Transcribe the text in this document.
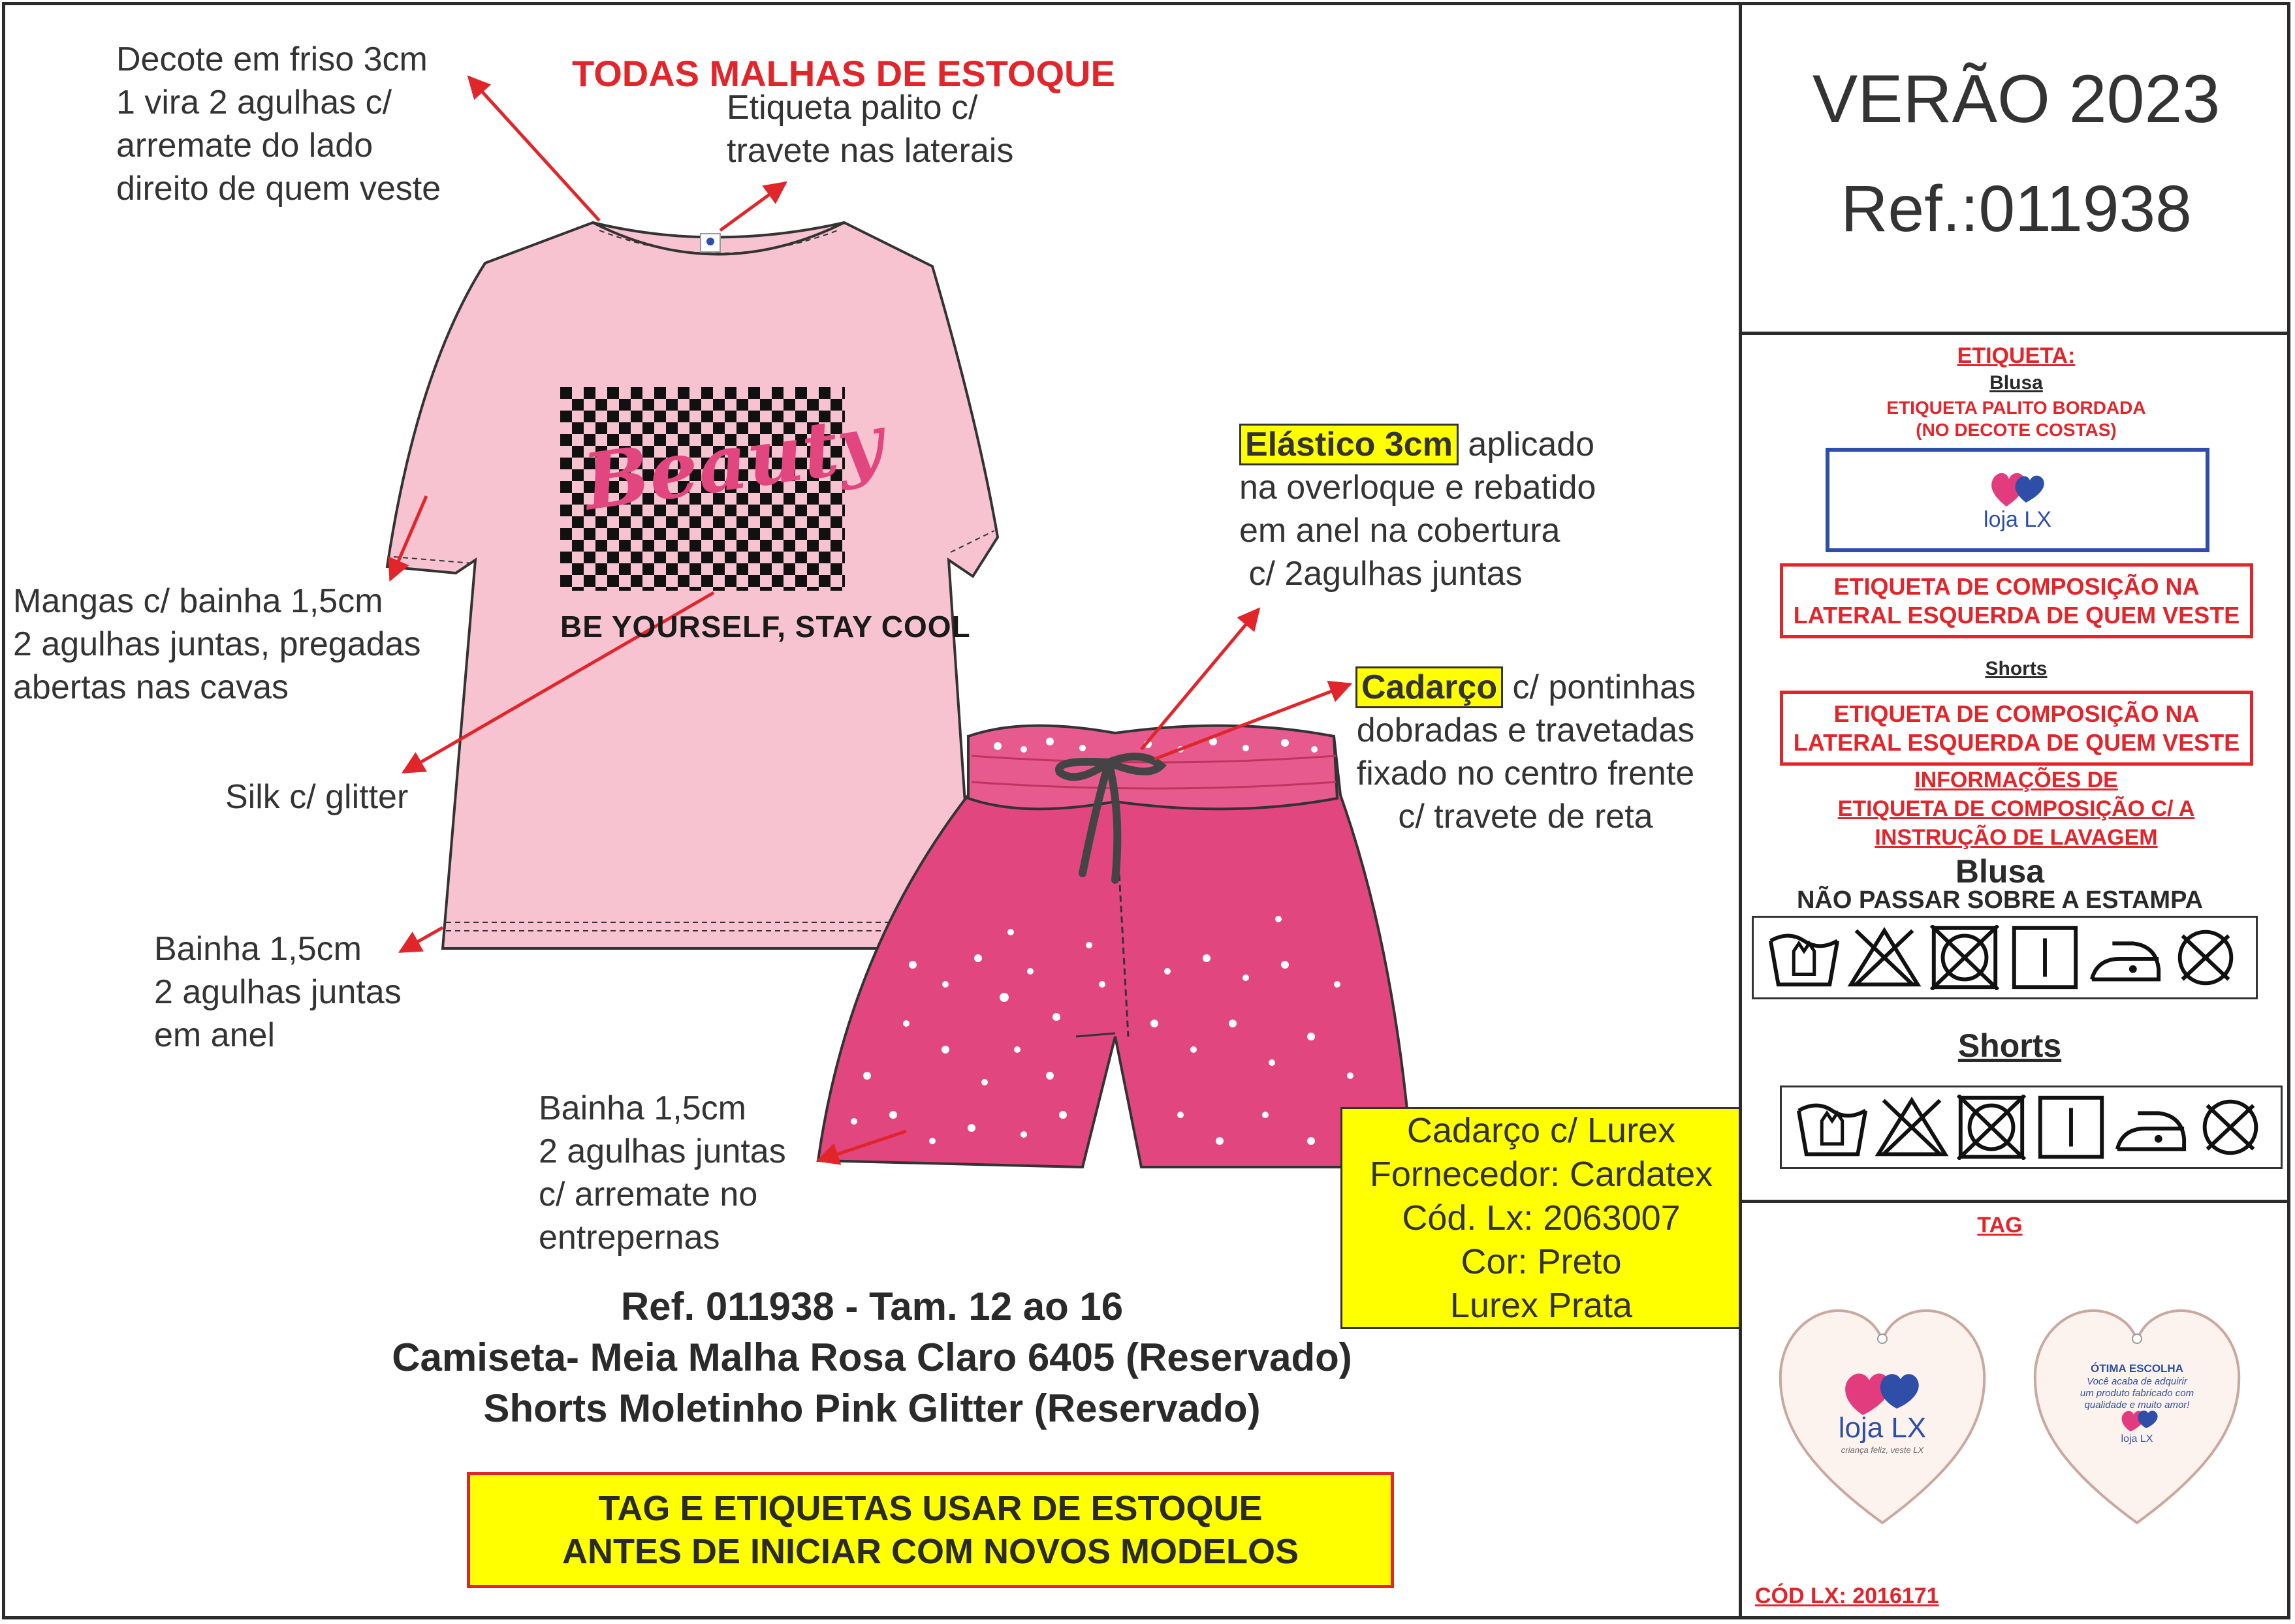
Beauty
BE YOURSELF, STAY COOL
TODAS MALHAS DE ESTOQUE
Decote em friso 3cm
1 vira 2 agulhas c/
arremate do lado
direito de quem veste
Etiqueta palito c/
travete nas laterais
Mangas c/ bainha 1,5cm
2 agulhas juntas, pregadas
abertas nas cavas
Silk c/ glitter
Bainha 1,5cm
2 agulhas juntas
em anel
Bainha 1,5cm
2 agulhas juntas
c/ arremate no
entrepernas
Elástico 3cm aplicado
na overloque e rebatido
em anel na cobertura
c/ 2agulhas juntas
Cadarço c/ pontinhas
dobradas e travetadas
fixado no centro frente
c/ travete de reta
Cadarço c/ Lurex
Fornecedor: Cardatex
Cód. Lx: 2063007
Cor: Preto
Lurex Prata
Ref. 011938 - Tam. 12 ao 16
Camiseta- Meia Malha Rosa Claro 6405 (Reservado)
Shorts Moletinho Pink Glitter (Reservado)
TAG E ETIQUETAS USAR DE ESTOQUE
ANTES DE INICIAR COM NOVOS MODELOS
VERÃO 2023
Ref.:011938
ETIQUETA:
Blusa
ETIQUETA PALITO BORDADA
(NO DECOTE COSTAS)
loja LX
ETIQUETA DE COMPOSIÇÃO NA
LATERAL ESQUERDA DE QUEM VESTE
Shorts
ETIQUETA DE COMPOSIÇÃO NA
LATERAL ESQUERDA DE QUEM VESTE
INFORMAÇÕES DE
ETIQUETA DE COMPOSIÇÃO C/ A
INSTRUÇÃO DE LAVAGEM
Blusa
NÃO PASSAR SOBRE A ESTAMPA
Shorts
TAG
loja LX
criança feliz, veste LX
ÓTIMA ESCOLHA
Você acaba de adquirir
um produto fabricado com
qualidade e muito amor!
loja LX
CÓD LX: 2016171
